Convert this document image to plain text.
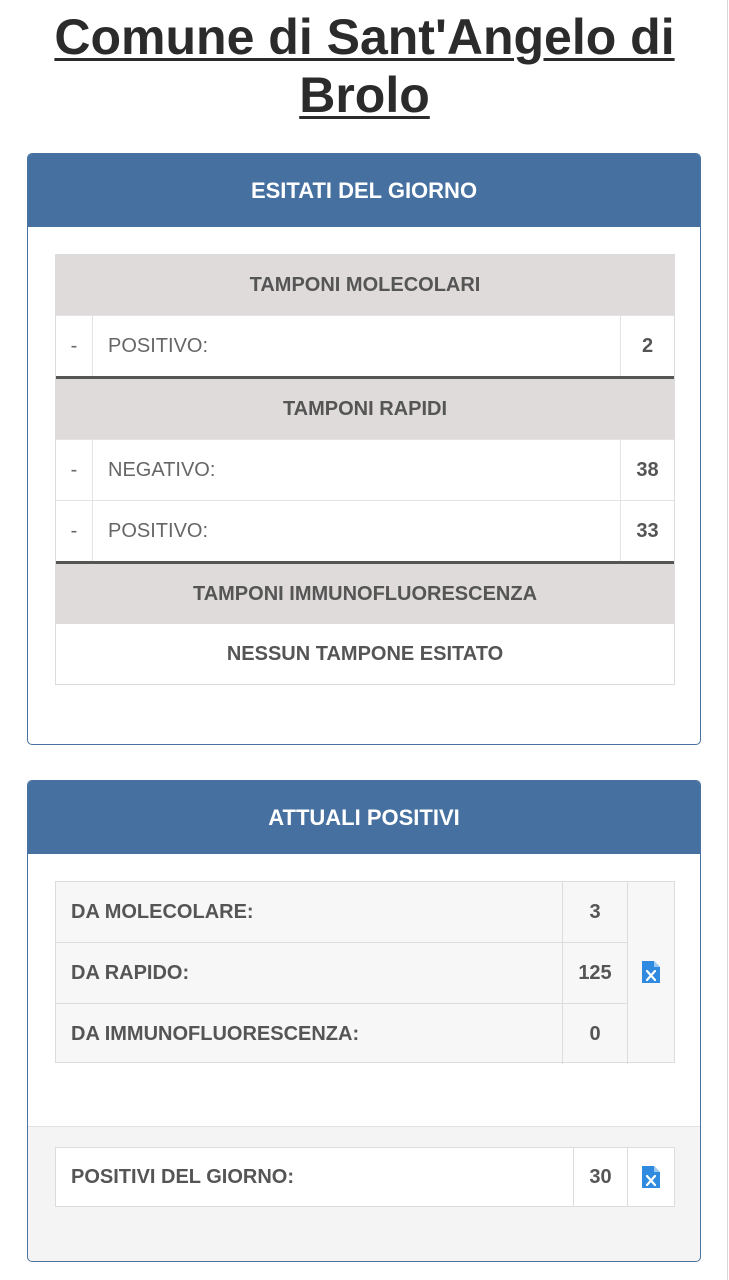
Comune di Sant'Angelo di Brolo
ESITATI DEL GIORNO
TAMPONI MOLECOLARI
-	POSITIVO:	2
TAMPONI RAPIDI
-	NEGATIVO:	38
-	POSITIVO:	33
TAMPONI IMMUNOFLUORESCENZA
NESSUN TAMPONE ESITATO
ATTUALI POSITIVI
DA MOLECOLARE:	3
DA RAPIDO:	125
DA IMMUNOFLUORESCENZA:	0
POSITIVI DEL GIORNO:	30
